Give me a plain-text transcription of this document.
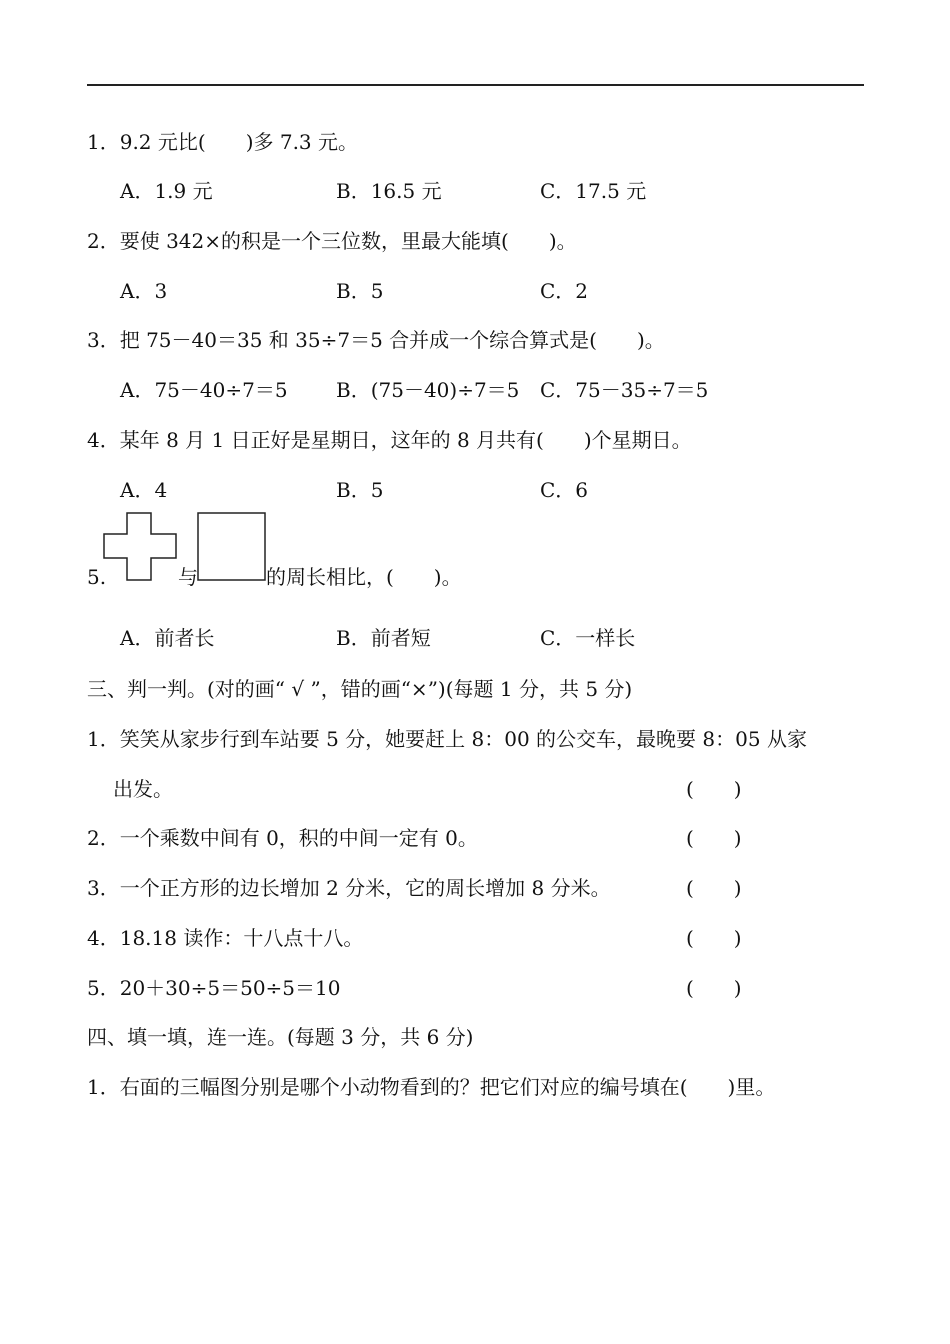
1．9.2 元比(　　)多 7.3 元。
A．1.9 元	B．16.5 元	C．17.5 元
2．要使 342×的积是一个三位数，里最大能填(　　)。
A．3	B．5	C．2
3．把 75－40＝35 和 35÷7＝5 合并成一个综合算式是(　　)。
A．75－40÷7＝5 B．(75－40)÷7＝5 C．75－35÷7＝5
4．某年 8 月 1 日正好是星期日，这年的 8 月共有(　　)个星期日。
A．4	B．5	C．6
5.	与	的周长相比，(　　)。
A．前者长	B．前者短	C．一样长
三、判一判。(对的画“ √ ”，错的画“×”)(每题 1 分，共 5 分)
1．笑笑从家步行到车站要 5 分，她要赶上 8：00 的公交车，最晚要 8：05 从家
出发。	(　　)
2．一个乘数中间有 0，积的中间一定有 0。	(　　)
3．一个正方形的边长增加 2 分米，它的周长增加 8 分米。	(　　)
4．18.18 读作：十八点十八。	(　　)
5．20＋30÷5＝50÷5＝10	(　　)
四、填一填，连一连。(每题 3 分，共 6 分)
1．右面的三幅图分别是哪个小动物看到的？把它们对应的编号填在(　　)里。
